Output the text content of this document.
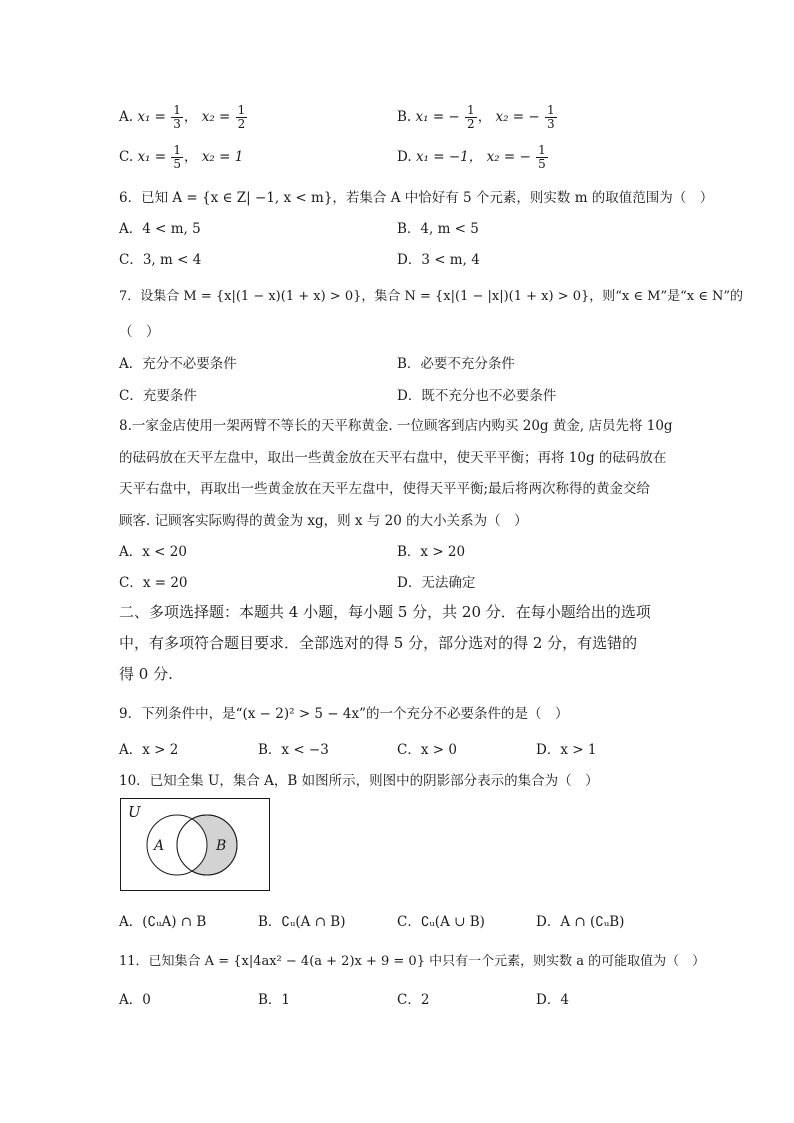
A. $x_1 = \frac{1}{3}$ ， $x_2 = \frac{1}{2}$	B. x₁ = − $\frac{1}{2}$ ， x₂ = − $\frac{1}{3}$
C. $x_1 = \frac{1}{5}$ ， x₂ = 1	D. x₁ = −1， x₂ = − $\frac{1}{5}$
6．已知 A = {x ∈ Z| −1, x < m}，若集合 A 中恰好有 5 个元素，则实数 m 的取值范围为（　）
A．4 < m, 5	B．4, m < 5
C．3, m < 4	D．3 < m, 4
7．设集合 M = {x|(1 − x)(1 + x) > 0}，集合 N = {x|(1 − |x|)(1 + x) > 0}，则“x ∈ M”是“x ∈ N”的
（　）
A．充分不必要条件	B．必要不充分条件
C．充要条件	D．既不充分也不必要条件
8.一家金店使用一架两臂不等长的天平称黄金. 一位顾客到店内购买 20g 黄金, 店员先将 10g
的砝码放在天平左盘中，取出一些黄金放在天平右盘中，使天平平衡；再将 10g 的砝码放在
天平右盘中，再取出一些黄金放在天平左盘中，使得天平平衡;最后将两次称得的黄金交给
顾客. 记顾客实际购得的黄金为 xg，则 x 与 20 的大小关系为（　）
A．x < 20	B．x > 20
C．x = 20	D．无法确定
二、多项选择题：本题共 4 小题，每小题 5 分，共 20 分．在每小题给出的选项
中，有多项符合题目要求．全部选对的得 5 分，部分选对的得 2 分，有选错的
得 0 分.
9．下列条件中，是“(x − 2)² > 5 − 4x”的一个充分不必要条件的是（　）
A．x > 2	B．x < −3	C．x > 0	D．x > 1
10．已知全集 U，集合 A，B 如图所示，则图中的阴影部分表示的集合为（　）
U
A	B
A．(∁ᵤA) ∩ B	B．∁ᵤ(A ∩ B)	C．∁ᵤ(A ∪ B)	D．A ∩ (∁ᵤB)
11．已知集合 A = {x|4ax² − 4(a + 2)x + 9 = 0} 中只有一个元素，则实数 a 的可能取值为（　）
A．0	B．1	C．2	D．4
